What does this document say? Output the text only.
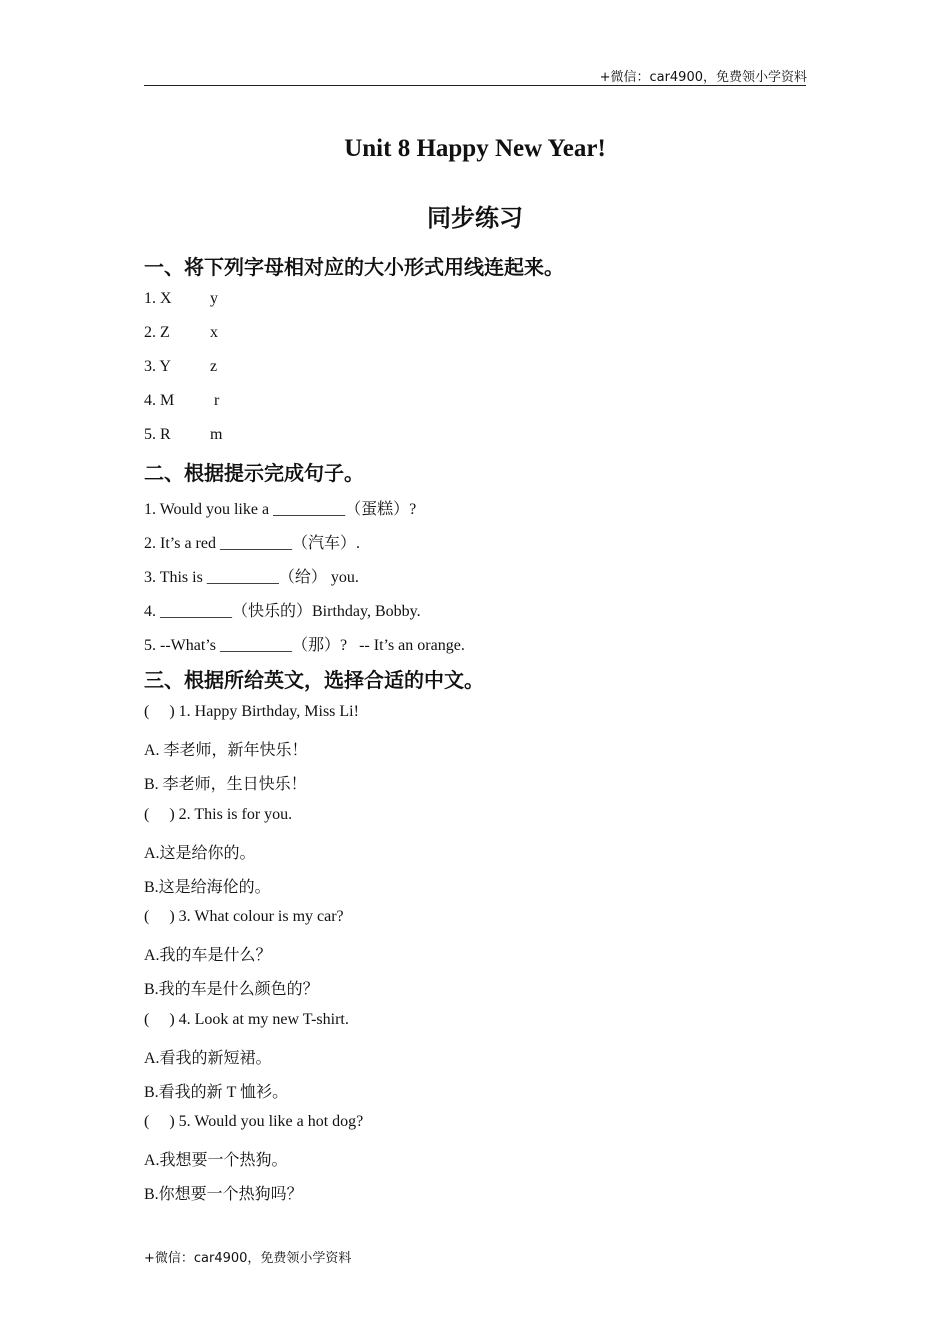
+微信：car4900，免费领小学资料
Unit 8 Happy New Year!
同步练习
一、将下列字母相对应的大小形式用线连起来。
1. X y
2. Z	x
3. Y z
4. M r
5. R m
二、根据提示完成句子。
1. Would you like a _________（蛋糕）?
2. It’s a red _________（汽车）.
3. This is _________（给） you.
4. _________（快乐的）Birthday, Bobby.
5. --What’s _________（那）?   -- It’s an orange.
三、根据所给英文，选择合适的中文。
(     ) 1. Happy Birthday, Miss Li!
A. 李老师，新年快乐！
B. 李老师，生日快乐！
(     ) 2. This is for you.
A.这是给你的。
B.这是给海伦的。
(     ) 3. What colour is my car?
A.我的车是什么？
B.我的车是什么颜色的？
(     ) 4. Look at my new T-shirt.
A.看我的新短裙。
B.看我的新 T 恤衫。
(     ) 5. Would you like a hot dog?
A.我想要一个热狗。
B.你想要一个热狗吗？
+微信：car4900，免费领小学资料
